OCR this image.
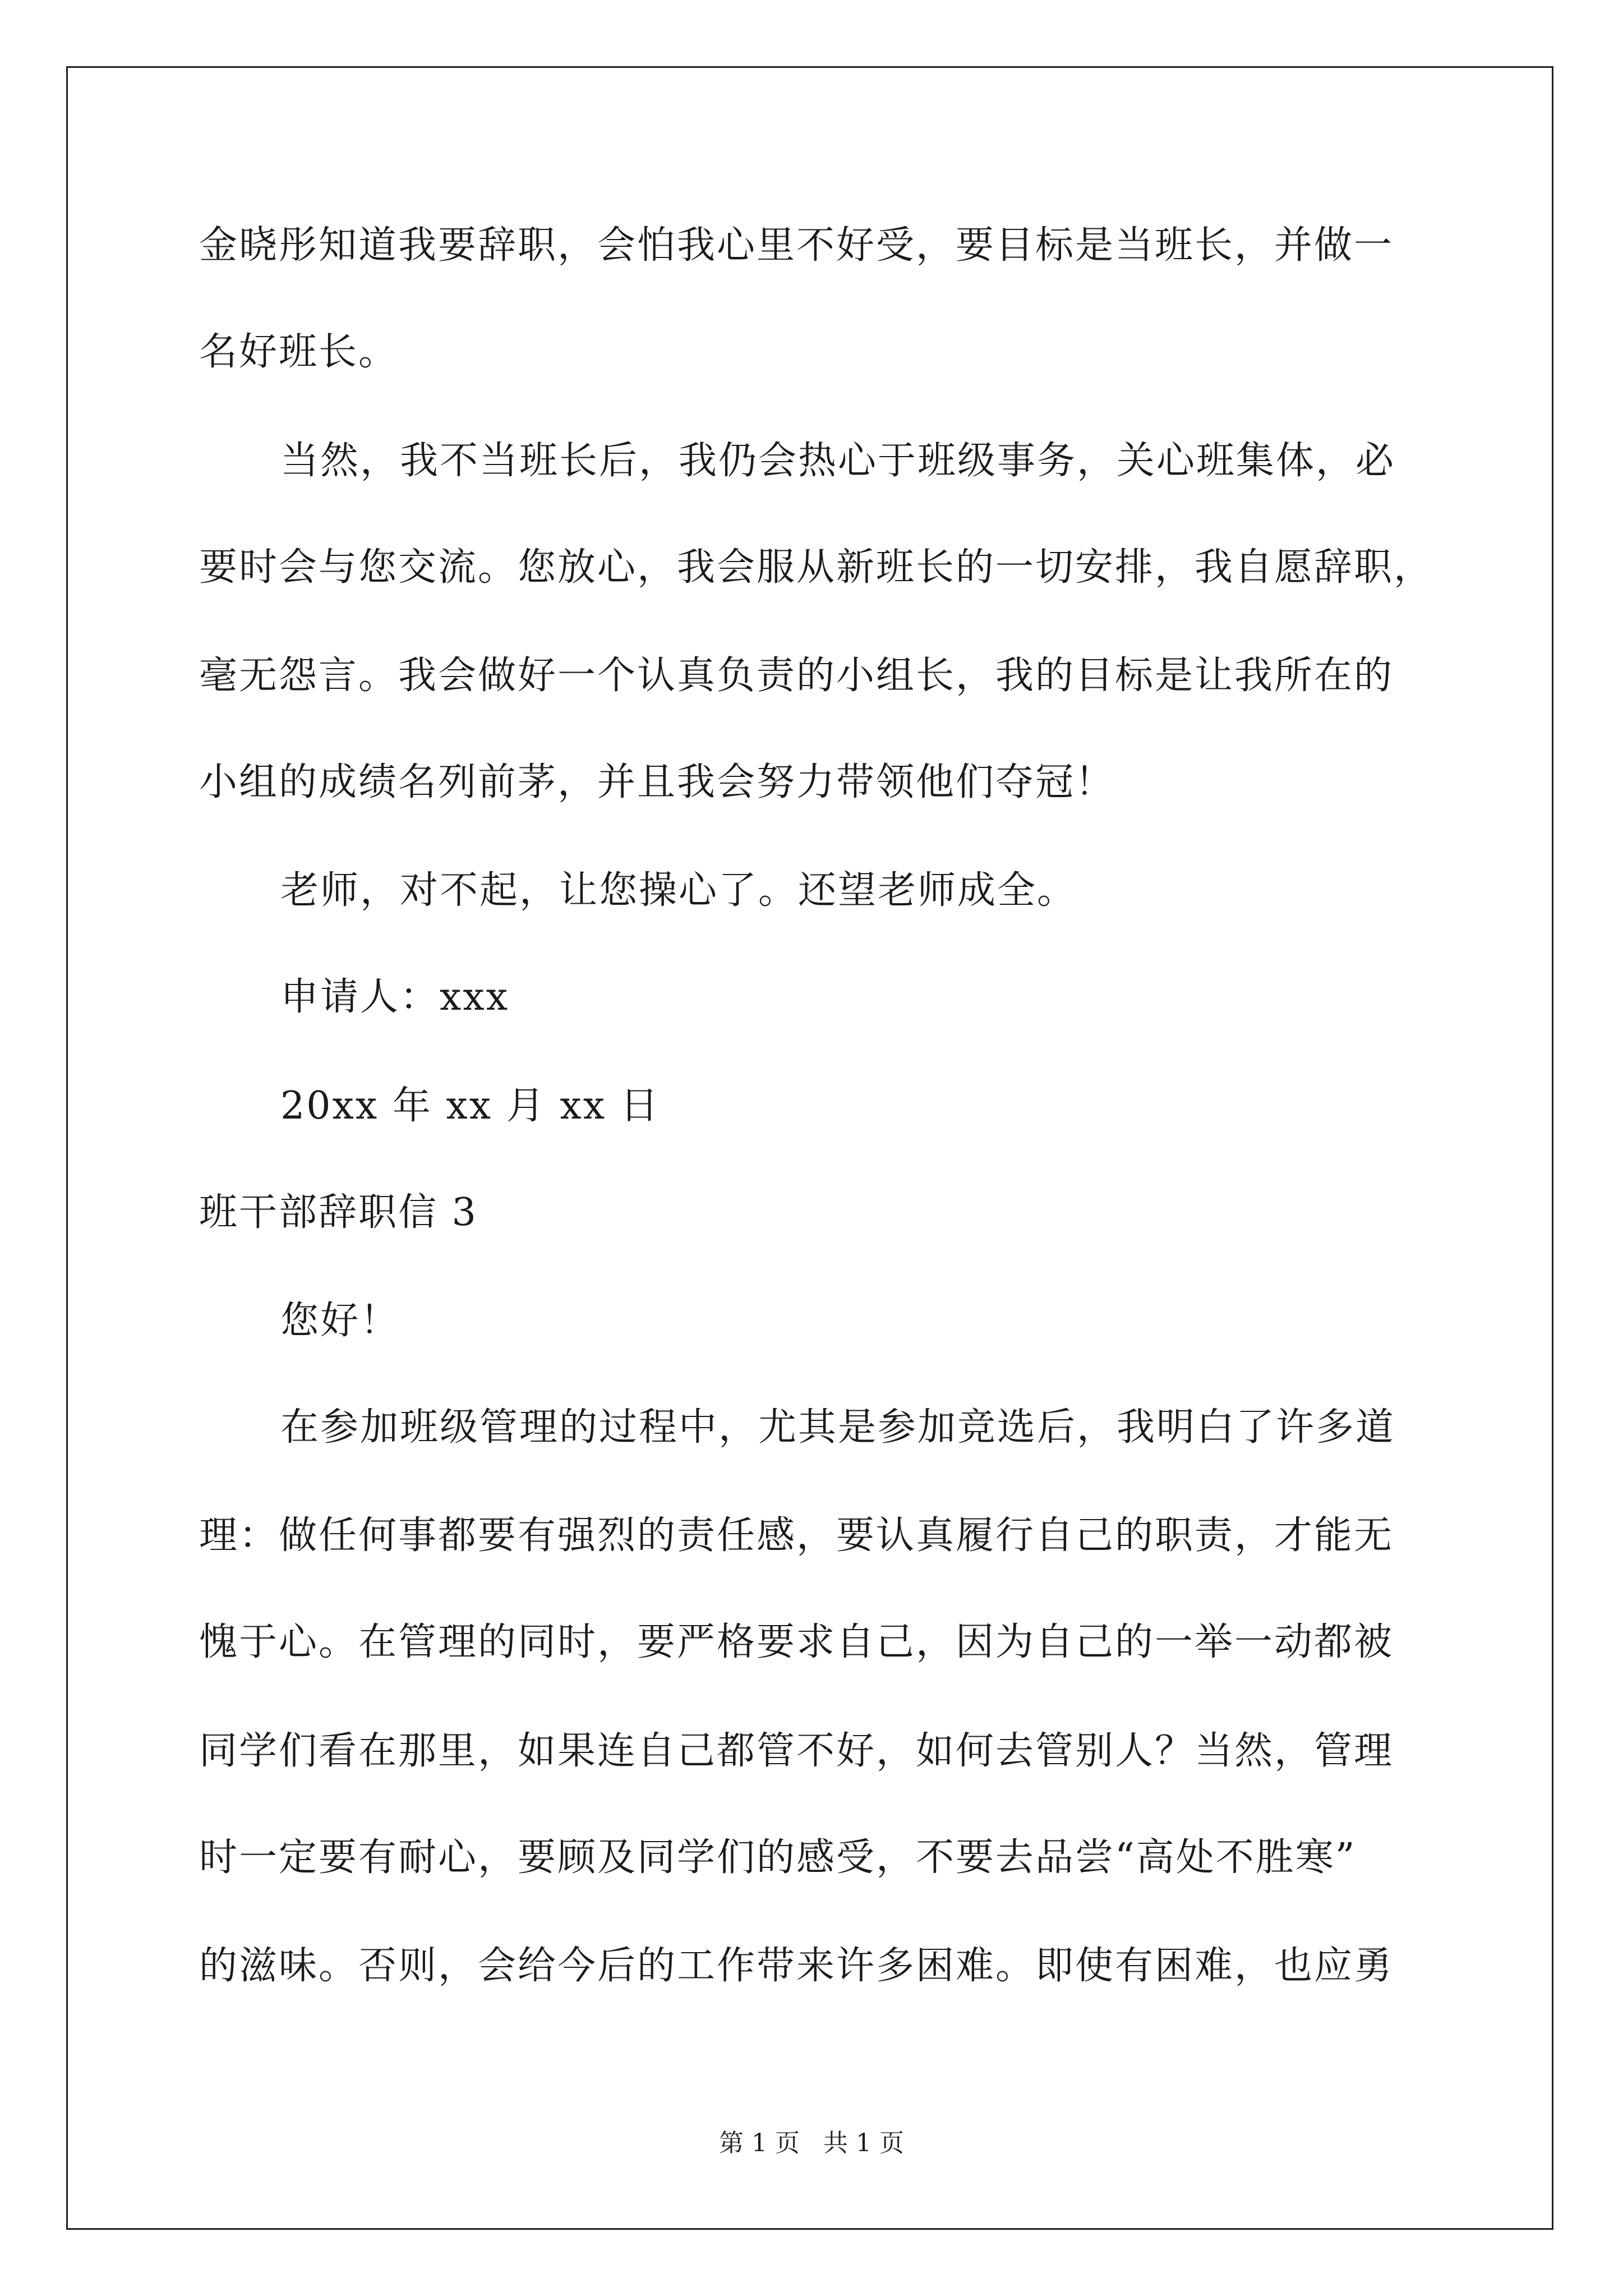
金晓彤知道我要辞职，会怕我心里不好受，要目标是当班长，并做一
名好班长。
当然，我不当班长后，我仍会热心于班级事务，关心班集体，必
要时会与您交流。您放心，我会服从新班长的一切安排，我自愿辞职，
毫无怨言。我会做好一个认真负责的小组长，我的目标是让我所在的
小组的成绩名列前茅，并且我会努力带领他们夺冠！
老师，对不起，让您操心了。还望老师成全。
申请人：xxx
20xx 年 xx 月 xx 日
班干部辞职信 3
您好！
在参加班级管理的过程中，尤其是参加竞选后，我明白了许多道
理：做任何事都要有强烈的责任感，要认真履行自己的职责，才能无
愧于心。在管理的同时，要严格要求自己，因为自己的一举一动都被
同学们看在那里，如果连自己都管不好，如何去管别人？当然，管理
时一定要有耐心，要顾及同学们的感受，不要去品尝“高处不胜寒”
的滋味。否则，会给今后的工作带来许多困难。即使有困难，也应勇
第 1 页   共 1 页
